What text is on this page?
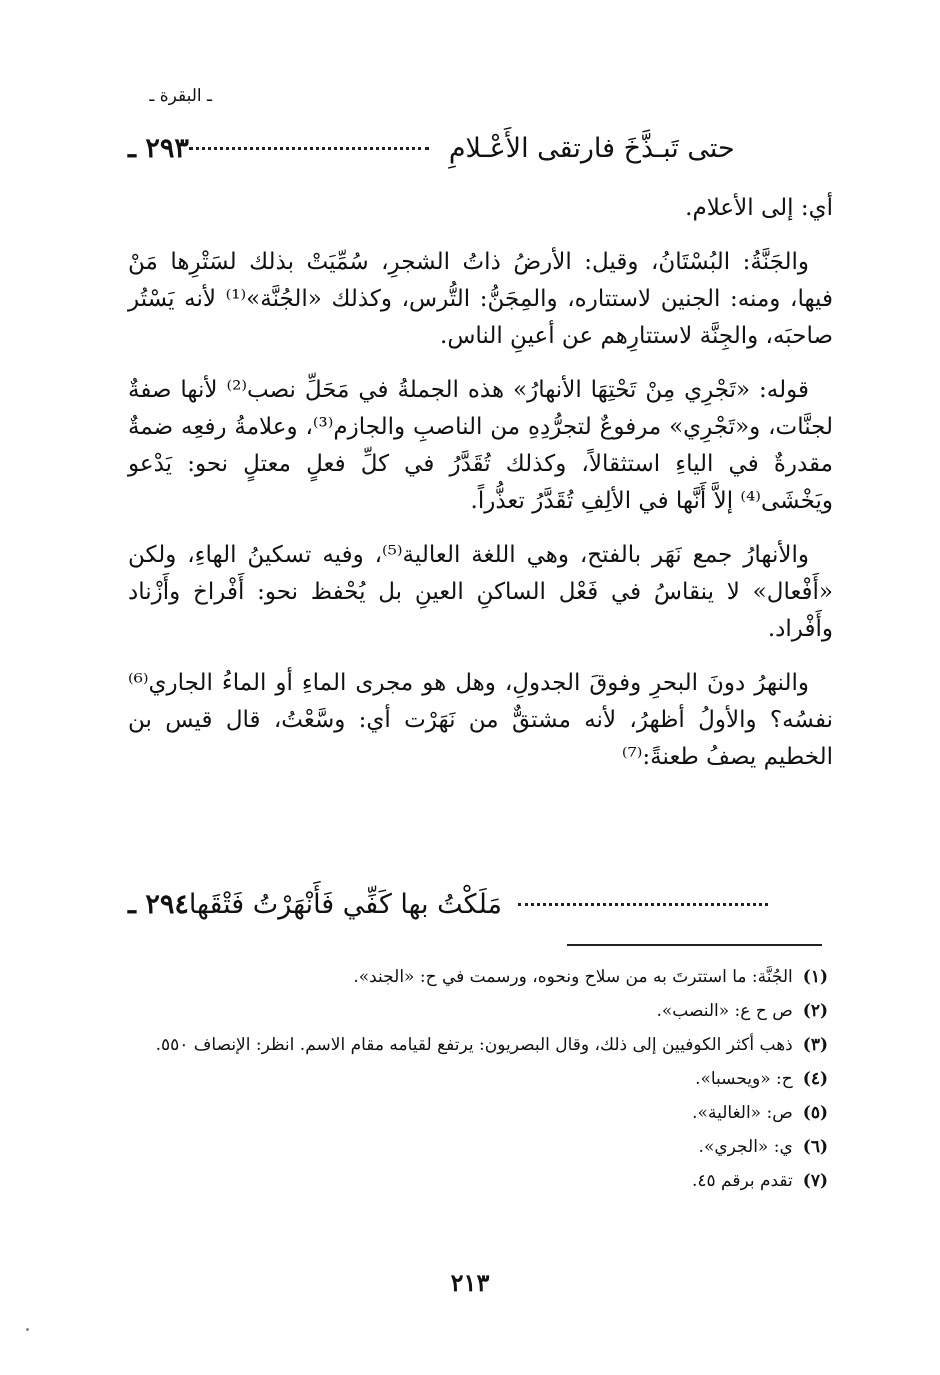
ـ البقرة ـ
٢٩٣ ـ	حتى تَبـذَّخَ فارتقى الأَعْـلامِ

أي: إلى الأعلام.

والجَنَّةُ: البُسْتَانُ، وقيل: الأرضُ ذاتُ الشجرِ، سُمِّيَتْ بذلك لسَتْرِها مَنْ فيها، ومنه: الجنين لاستتاره، والمِجَنُّ: التُّرس، وكذلك «الجُنَّة»⁽¹⁾ لأنه يَسْتُر صاحبَه، والجِنَّة لاستتارِهم عن أعينِ الناس.

قوله: «تَجْرِي مِنْ تَحْتِهَا الأنهارُ» هذه الجملةُ في مَحَلِّ نصب⁽²⁾ لأنها صفةٌ لجنَّات، و«تَجْرِي» مرفوعٌ لتجرُّدِهِ من الناصبِ والجازم⁽³⁾، وعلامةُ رفعِه ضمةٌ مقدرةٌ في الياءِ استثقالاً، وكذلك تُقَدَّرُ في كلِّ فعلٍ معتلٍ نحو: يَدْعو ويَخْشَى⁽⁴⁾ إلاَّ أَنَّها في الألِفِ تُقَدَّرُ تعذُّراً.

والأنهارُ جمع نَهَر بالفتح، وهي اللغة العالية⁽⁵⁾، وفيه تسكينُ الهاءِ، ولكن «أَفْعال» لا ينقاسُ في فَعْل الساكنِ العينِ بل يُحْفظ نحو: أَفْراخ وأَزْناد وأَفْراد.

والنهرُ دونَ البحرِ وفوقَ الجدولِ، وهل هو مجرى الماءِ أو الماءُ الجاري⁽⁶⁾ نفسُه؟ والأولُ أظهرُ، لأنه مشتقٌّ من نَهَرْت أي: وسَّعْتُ، قال قيس بن الخطيم يصفُ طعنةً:⁽⁷⁾

٢٩٤ ـ مَلَكْتُ بها كَفِّي فَأَنْهَرْتُ فَتْقَها
(١)
الجُنَّة: ما استترتَ به من سلاح ونحوه، ورسمت في ح: «الجند».
(٢)
ص ح ع: «النصب».
(٣)
ذهب أكثر الكوفيين إلى ذلك، وقال البصريون: يرتفع لقيامه مقام الاسم. انظر: الإنصاف ٥٥٠.
(٤)
ح: «ويحسبا».
(٥)
ص: «الغالية».
(٦)
ي: «الجري».
(٧)
تقدم برقم ٤٥.
٢١٣
